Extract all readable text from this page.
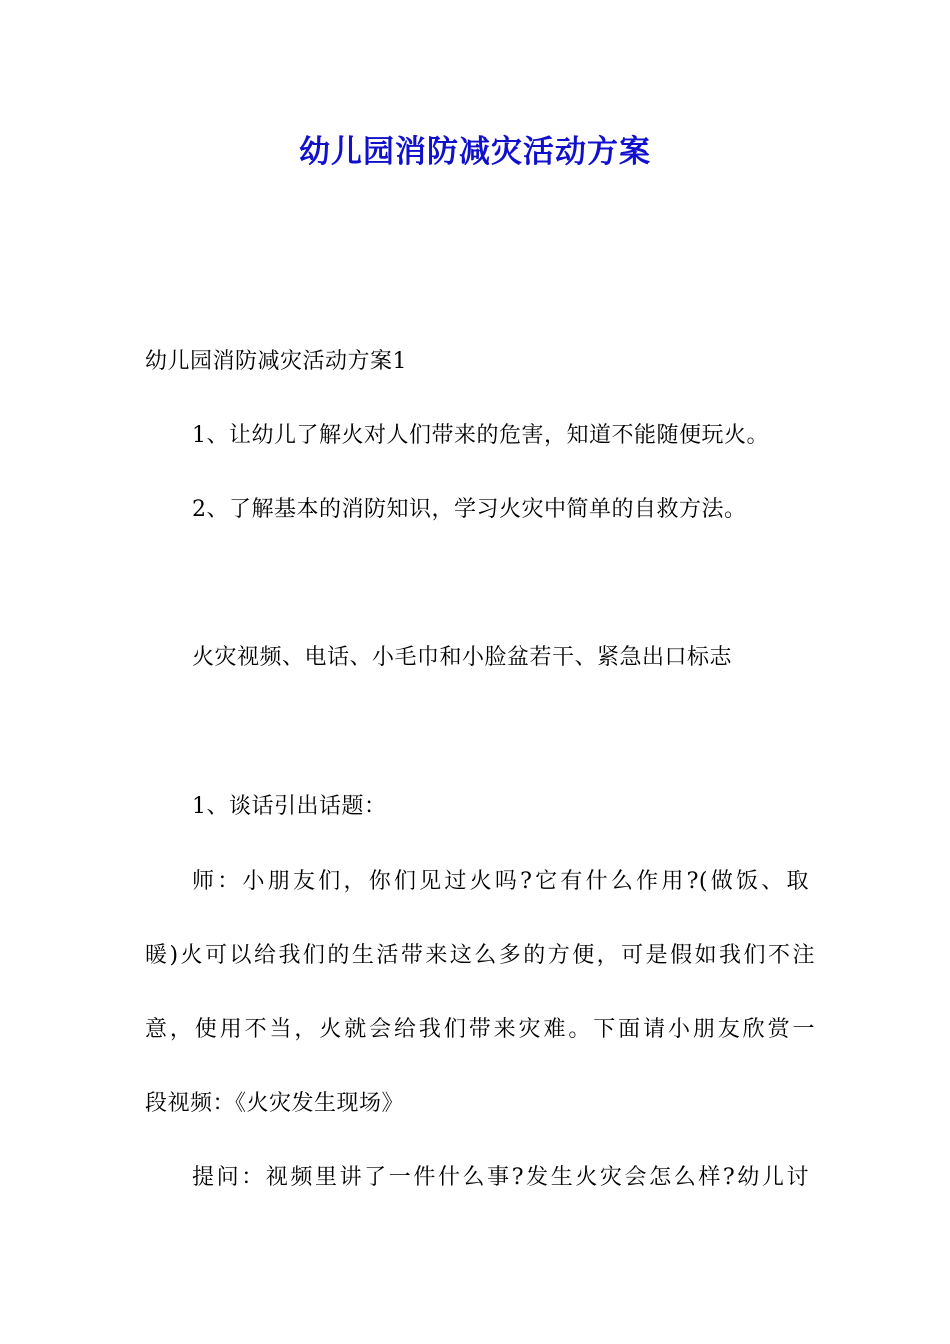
幼儿园消防减灾活动方案
幼儿园消防减灾活动方案1
1、让幼儿了解火对人们带来的危害，知道不能随便玩火。
2、了解基本的消防知识，学习火灾中简单的自救方法。
火灾视频、电话、小毛巾和小脸盆若干、紧急出口标志
1、谈话引出话题：
师：小朋友们，你们见过火吗?它有什么作用?(做饭、取
暖)火可以给我们的生活带来这么多的方便，可是假如我们不注
意，使用不当，火就会给我们带来灾难。下面请小朋友欣赏一
段视频：《火灾发生现场》
提问：视频里讲了一件什么事?发生火灾会怎么样?幼儿讨
